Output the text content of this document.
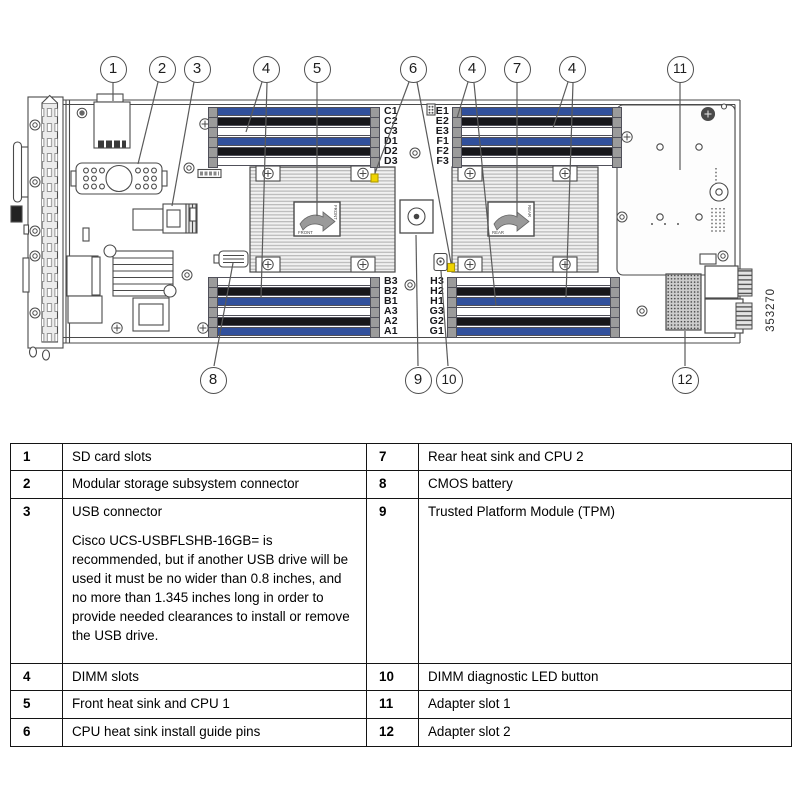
FRONT
FRONT
REAR
REAR
C1
C2
C3
D1
D2
D3
E1
E2
E3
F1
F2
F3
B3
B2
B1
A3
A2
A1
H3
H2
H1
G3
G2
G1
1	2	3	4	5	6	4	7	4	11
8	9	10	12
353270
1	SD card slots	7	Rear heat sink and CPU 2
2	Modular storage subsystem connector	8	CMOS battery
3	USB connector
Cisco UCS-USBFLSHB-16GB= is recommended, but if another USB drive will be used it must be no wider than 0.8 inches, and no more than 1.345 inches long in order to provide needed clearances to install or remove the USB drive.	9	Trusted Platform Module (TPM)
4	DIMM slots	10	DIMM diagnostic LED button
5	Front heat sink and CPU 1	11	Adapter slot 1
6	CPU heat sink install guide pins	12	Adapter slot 2
